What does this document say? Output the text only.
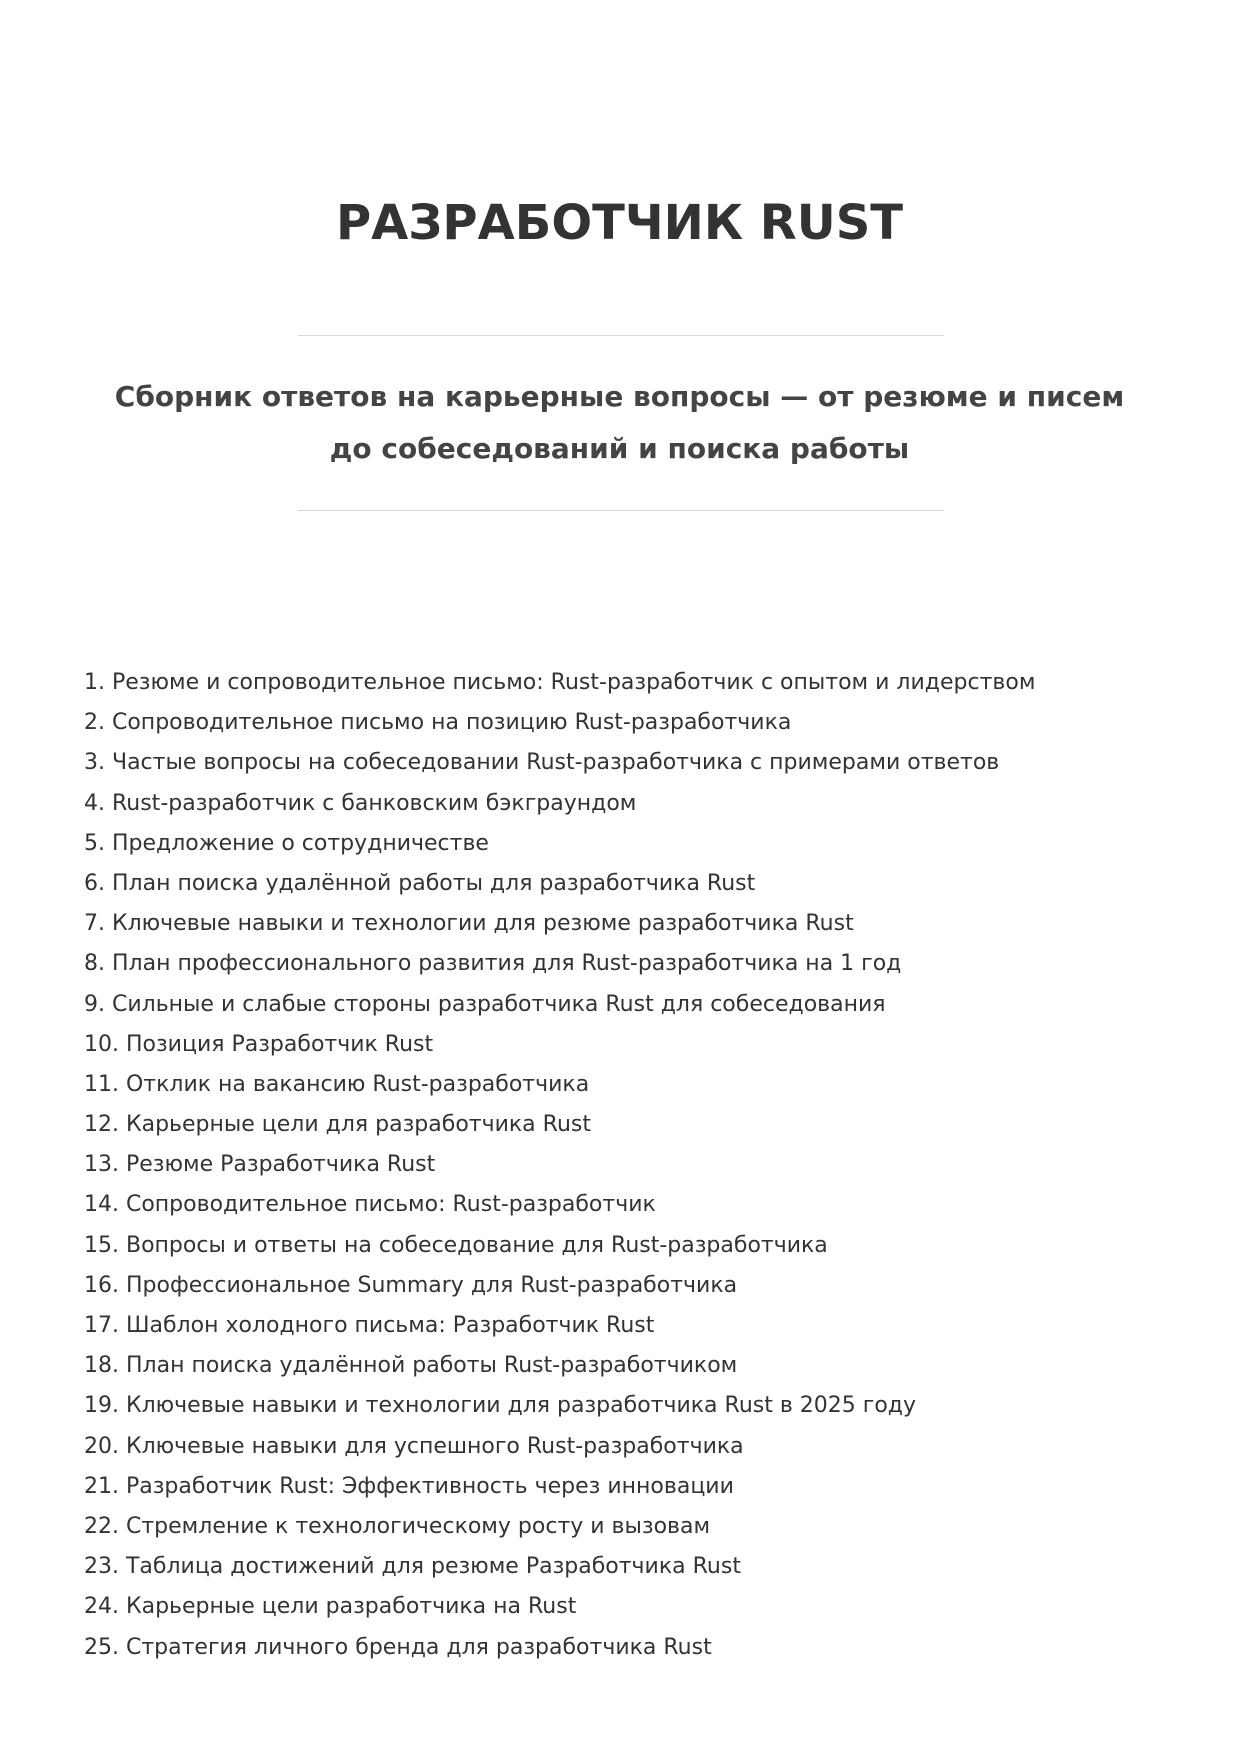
РАЗРАБОТЧИК RUST
Сборник ответов на карьерные вопросы — от резюме и писем до собеседований и поиска работы
1. Резюме и сопроводительное письмо: Rust-разработчик с опытом и лидерством
2. Сопроводительное письмо на позицию Rust-разработчика
3. Частые вопросы на собеседовании Rust-разработчика с примерами ответов
4. Rust-разработчик с банковским бэкграундом
5. Предложение о сотрудничестве
6. План поиска удалённой работы для разработчика Rust
7. Ключевые навыки и технологии для резюме разработчика Rust
8. План профессионального развития для Rust-разработчика на 1 год
9. Сильные и слабые стороны разработчика Rust для собеседования
10. Позиция Разработчик Rust
11. Отклик на вакансию Rust-разработчика
12. Карьерные цели для разработчика Rust
13. Резюме Разработчика Rust
14. Сопроводительное письмо: Rust-разработчик
15. Вопросы и ответы на собеседование для Rust-разработчика
16. Профессиональное Summary для Rust-разработчика
17. Шаблон холодного письма: Разработчик Rust
18. План поиска удалённой работы Rust-разработчиком
19. Ключевые навыки и технологии для разработчика Rust в 2025 году
20. Ключевые навыки для успешного Rust-разработчика
21. Разработчик Rust: Эффективность через инновации
22. Стремление к технологическому росту и вызовам
23. Таблица достижений для резюме Разработчика Rust
24. Карьерные цели разработчика на Rust
25. Стратегия личного бренда для разработчика Rust
